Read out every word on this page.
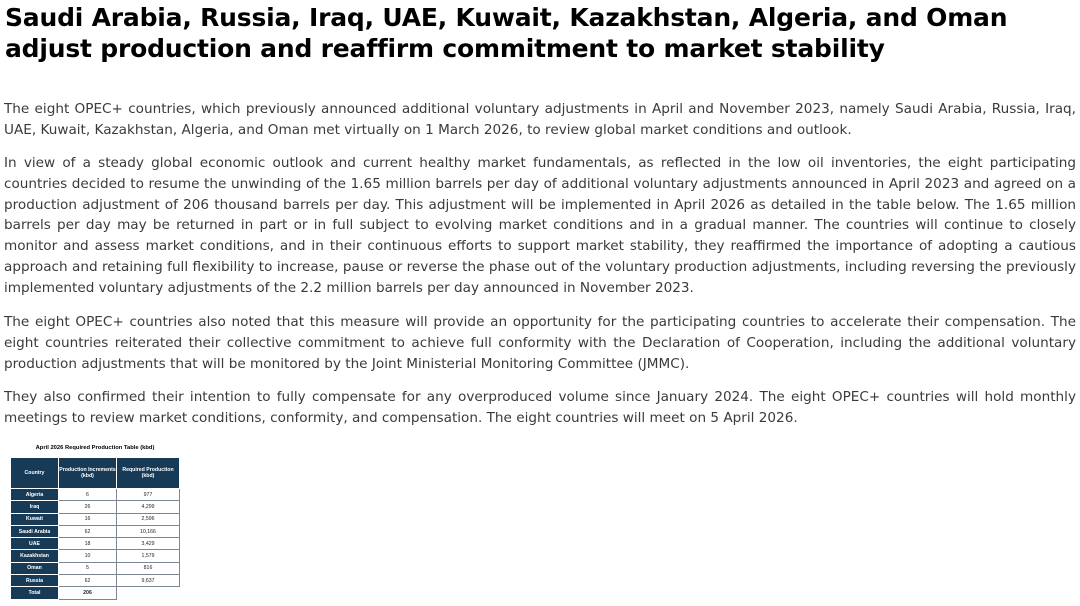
Saudi Arabia, Russia, Iraq, UAE, Kuwait, Kazakhstan, Algeria, and Oman adjust production and reaffirm commitment to market stability

The eight OPEC+ countries, which previously announced additional voluntary adjustments in April and November 2023, namely Saudi Arabia, Russia, Iraq, UAE, Kuwait, Kazakhstan, Algeria, and Oman met virtually on 1 March 2026, to review global market conditions and outlook.

In view of a steady global economic outlook and current healthy market fundamentals, as reflected in the low oil inventories, the eight participating countries decided to resume the unwinding of the 1.65 million barrels per day of additional voluntary adjustments announced in April 2023 and agreed on a production adjustment of 206 thousand barrels per day. This adjustment will be implemented in April 2026 as detailed in the table below. The 1.65 million barrels per day may be returned in part or in full subject to evolving market conditions and in a gradual manner. The countries will continue to closely monitor and assess market conditions, and in their continuous efforts to support market stability, they reaffirmed the importance of adopting a cautious approach and retaining full flexibility to increase, pause or reverse the phase out of the voluntary production adjustments, including reversing the previously implemented voluntary adjustments of the 2.2 million barrels per day announced in November 2023.

The eight OPEC+ countries also noted that this measure will provide an opportunity for the participating countries to accelerate their compensation. The eight countries reiterated their collective commitment to achieve full conformity with the Declaration of Cooperation, including the additional voluntary production adjustments that will be monitored by the Joint Ministerial Monitoring Committee (JMMC).

They also confirmed their intention to fully compensate for any overproduced volume since January 2024. The eight OPEC+ countries will hold monthly meetings to review market conditions, conformity, and compensation. The eight countries will meet on 5 April 2026.

April 2026 Required Production Table (kbd)
Country	Production Increments (kbd)	Required Production (kbd)
Algeria	6	977
Iraq	26	4,299
Kuwait	16	2,596
Saudi Arabia	62	10,166
UAE	18	3,429
Kazakhstan	10	1,579
Oman	5	816
Russia	62	9,637
Total	206	
